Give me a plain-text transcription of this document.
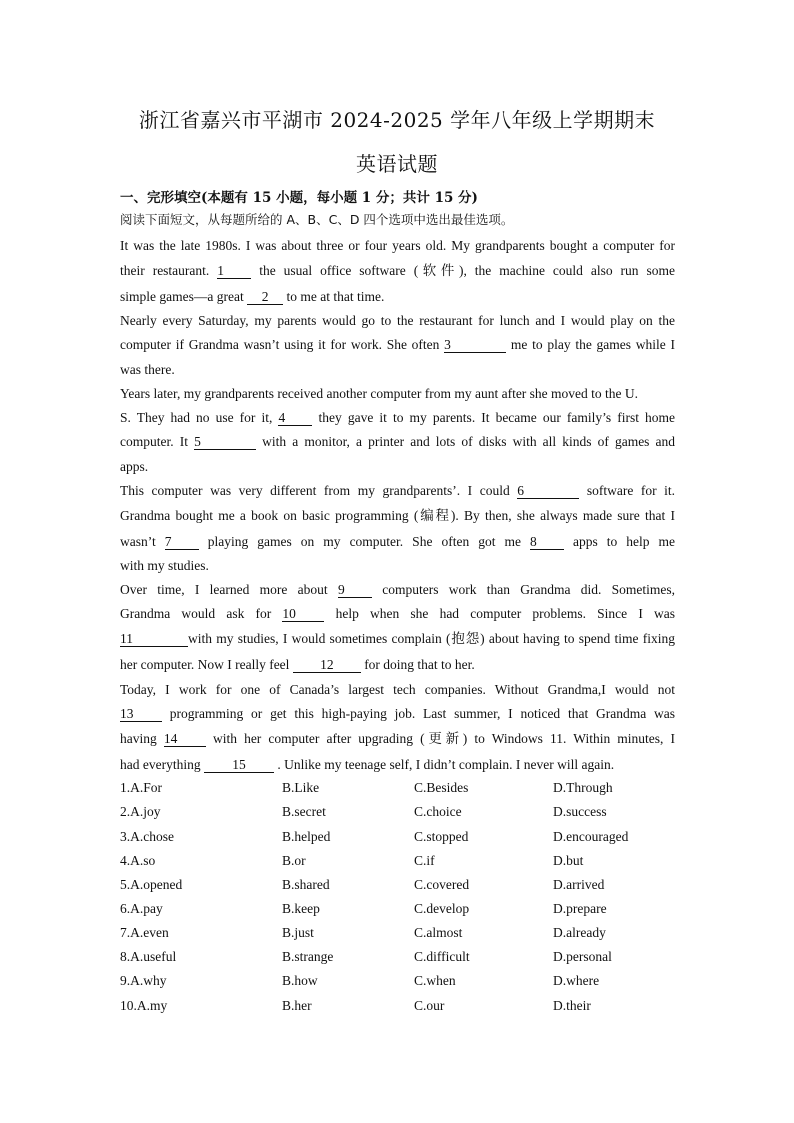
浙江省嘉兴市平湖市 2024-2025 学年八年级上学期期末
英语试题
一、完形填空(本题有 15 小题，每小题 1 分；共计 15 分)
阅读下面短文，从每题所给的 A、B、C、D 四个选项中选出最佳选项。
It was the late 1980s. I was about three or four years old. My grandparents bought a computer for
their restaurant. 1	the usual office software (软件), the machine could also run some
simple games—a great 2 to me at that time.
Nearly every Saturday, my parents would go to the restaurant for lunch and I would play on the
computer if Grandma wasn’t using it for work. She often 3	me to play the games while I
was there.
Years later, my grandparents received another computer from my aunt after she moved to the U.
S. They had no use for it, 4 they gave it to my parents. It became our family’s first home
computer. It 5	with a monitor, a printer and lots of disks with all kinds of games and
apps.
This computer was very different from my grandparents’. I could 6	software for it.
Grandma bought me a book on basic programming (编程). By then, she always made sure that I
wasn’t 7	playing games on my computer. She often got me 8	apps to help me
with my studies.
Over time, I learned more about 9	computers work than Grandma did. Sometimes,
Grandma would ask for 10	help when she had computer problems. Since I was
11	with my studies, I would sometimes complain (抱怨) about having to spend time fixing
her computer. Now I really feel 12 for doing that to her.
Today, I work for one of Canada’s largest tech companies. Without Grandma,I would not
13	programming or get this high-paying job. Last summer, I noticed that Grandma was
having 14	with her computer after upgrading (更新) to Windows 11. Within minutes, I
had everything 15 . Unlike my teenage self, I didn’t complain. I never will again.
1.A.For	B.Like	C.Besides	D.Through
2.A.joy	B.secret	C.choice	D.success
3.A.chose	B.helped	C.stopped	D.encouraged
4.A.so	B.or	C.if	D.but
5.A.opened	B.shared	C.covered	D.arrived
6.A.pay	B.keep	C.develop	D.prepare
7.A.even	B.just	C.almost	D.already
8.A.useful	B.strange	C.difficult	D.personal
9.A.why	B.how	C.when	D.where
10.A.my	B.her	C.our	D.their
